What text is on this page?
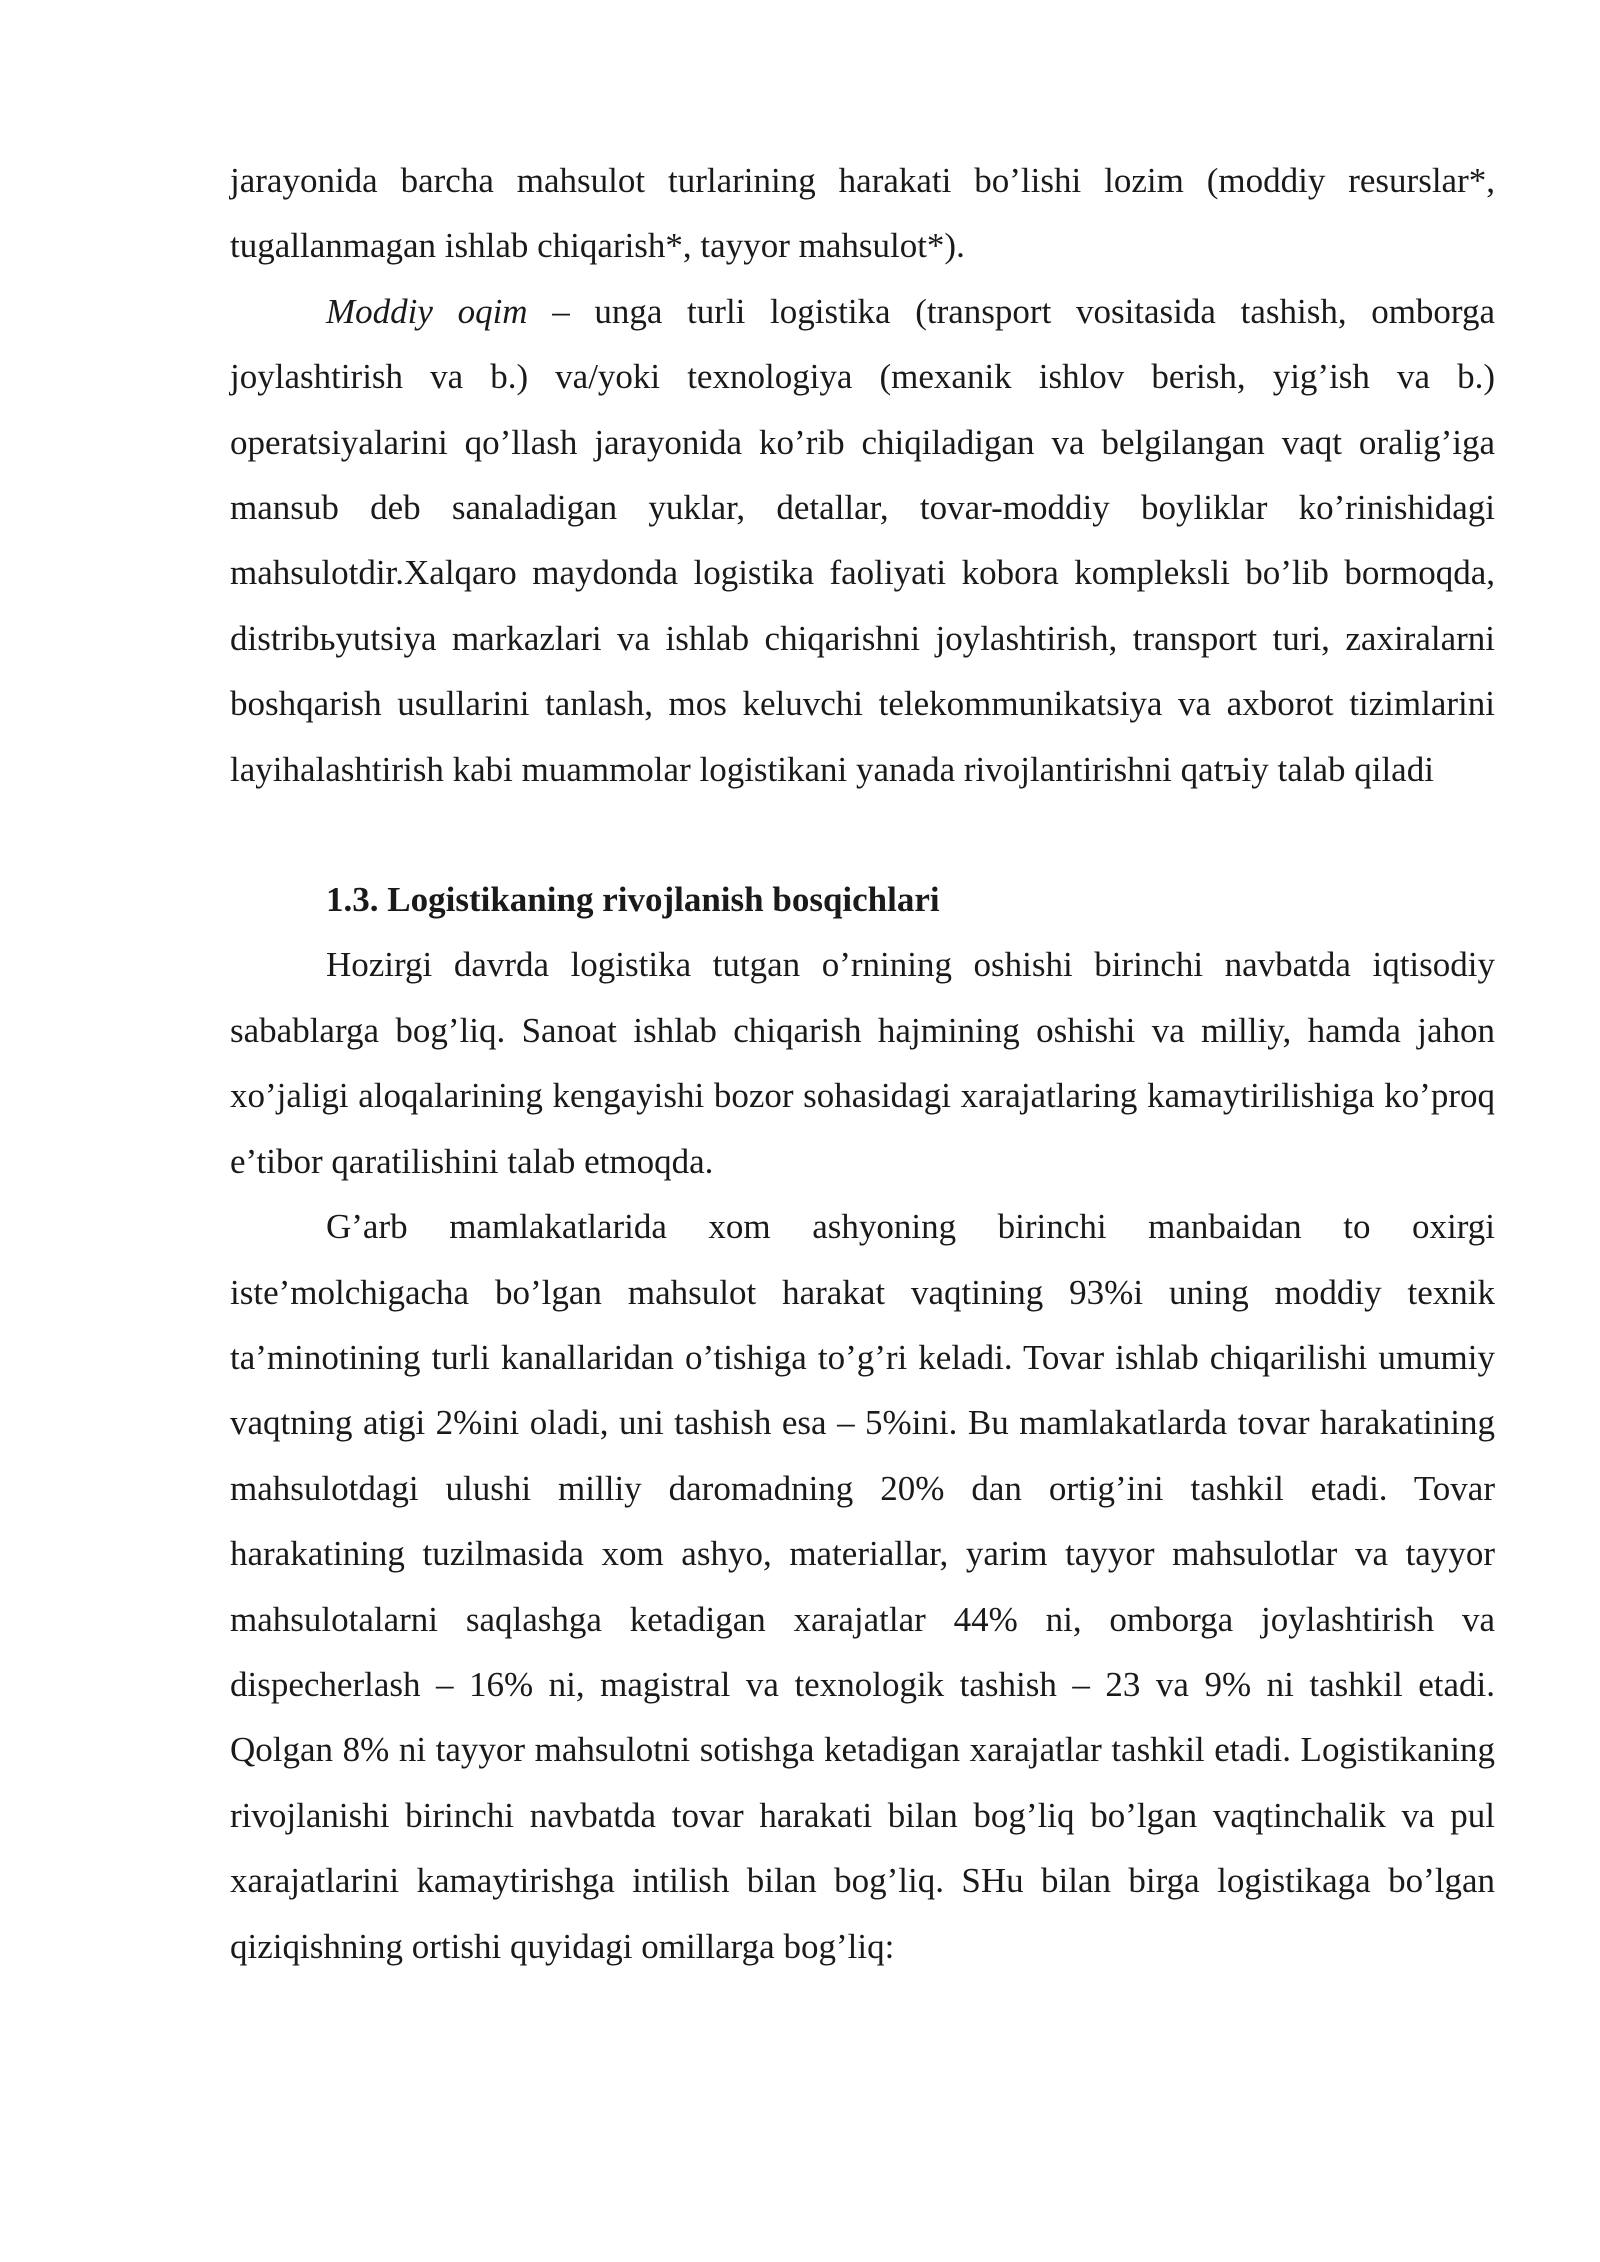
jarayonida barcha mahsulot turlarining harakati bo’lishi lozim (moddiy resurslar*, tugallanmagan ishlab chiqarish*, tayyor mahsulot*).

Moddiy oqim – unga turli logistika (transport vositasida tashish, omborga joylashtirish va b.) va/yoki texnologiya (mexanik ishlov berish, yig’ish va b.) operatsiyalarini qo’llash jarayonida ko’rib chiqiladigan va belgilangan vaqt oralig’iga mansub deb sanaladigan yuklar, detallar, tovar-moddiy boyliklar ko’rinishidagi mahsulotdir.Xalqaro maydonda logistika faoliyati kobora kompleksli bo’lib bormoqda, distribьyutsiya markazlari va ishlab chiqarishni joylashtirish, transport turi, zaxiralarni boshqarish usullarini tanlash, mos keluvchi telekommunikatsiya va axborot tizimlarini layihalashtirish kabi muammolar logistikani yanada rivojlantirishni qatъiy talab qiladi

1.3. Logistikaning rivojlanish bosqichlari

Hozirgi davrda logistika tutgan o’rnining oshishi birinchi navbatda iqtisodiy sabablarga bog’liq. Sanoat ishlab chiqarish hajmining oshishi va milliy, hamda jahon xo’jaligi aloqalarining kengayishi bozor sohasidagi xarajatlaring kamaytirilishiga ko’proq e’tibor qaratilishini talab etmoqda.

G’arb mamlakatlarida xom ashyoning birinchi manbaidan to oxirgi iste’molchigacha bo’lgan mahsulot harakat vaqtining 93%i uning moddiy texnik ta’minotining turli kanallaridan o’tishiga to’g’ri keladi. Tovar ishlab chiqarilishi umumiy vaqtning atigi 2%ini oladi, uni tashish esa – 5%ini. Bu mamlakatlarda tovar harakatining mahsulotdagi ulushi milliy daromadning 20% dan ortig’ini tashkil etadi. Tovar harakatining tuzilmasida xom ashyo, materiallar, yarim tayyor mahsulotlar va tayyor mahsulotalarni saqlashga ketadigan xarajatlar 44% ni, omborga joylashtirish va dispecherlash – 16% ni, magistral va texnologik tashish – 23 va 9% ni tashkil etadi. Qolgan 8% ni tayyor mahsulotni sotishga ketadigan xarajatlar tashkil etadi. Logistikaning rivojlanishi birinchi navbatda tovar harakati bilan bog’liq bo’lgan vaqtinchalik va pul xarajatlarini kamaytirishga intilish bilan bog’liq. SHu bilan birga logistikaga bo’lgan qiziqishning ortishi quyidagi omillarga bog’liq:
